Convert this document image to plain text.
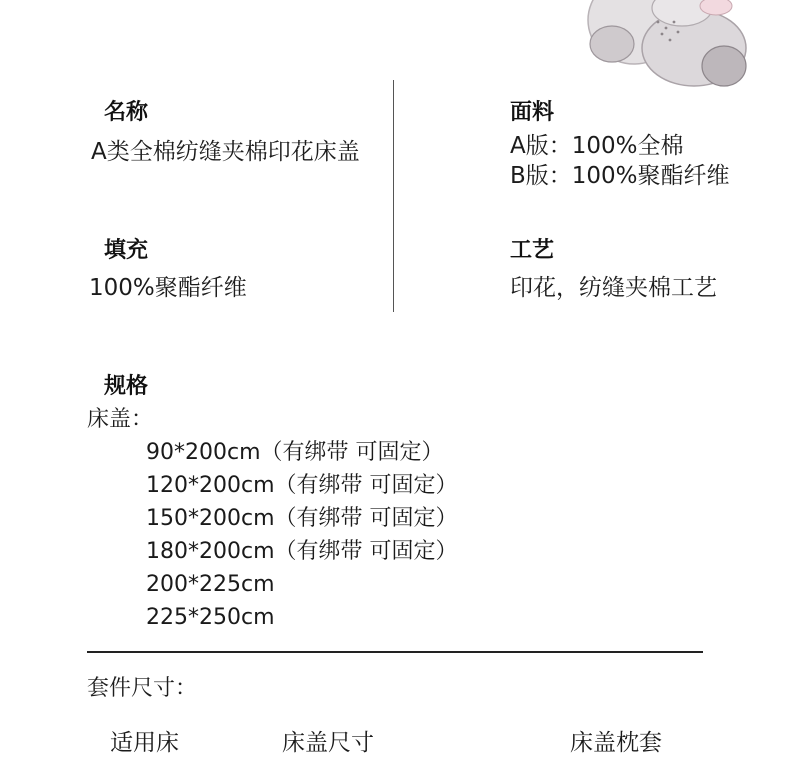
名称
A类全棉纺缝夹棉印花床盖
填充
100%聚酯纤维
面料
A版：100%全棉
B版：100%聚酯纤维
工艺
印花，纺缝夹棉工艺
规格
床盖：
90*200cm（有绑带 可固定）
120*200cm（有绑带 可固定）
150*200cm（有绑带 可固定）
180*200cm（有绑带 可固定）
200*225cm
225*250cm
套件尺寸：
适用床	床盖尺寸	床盖枕套
